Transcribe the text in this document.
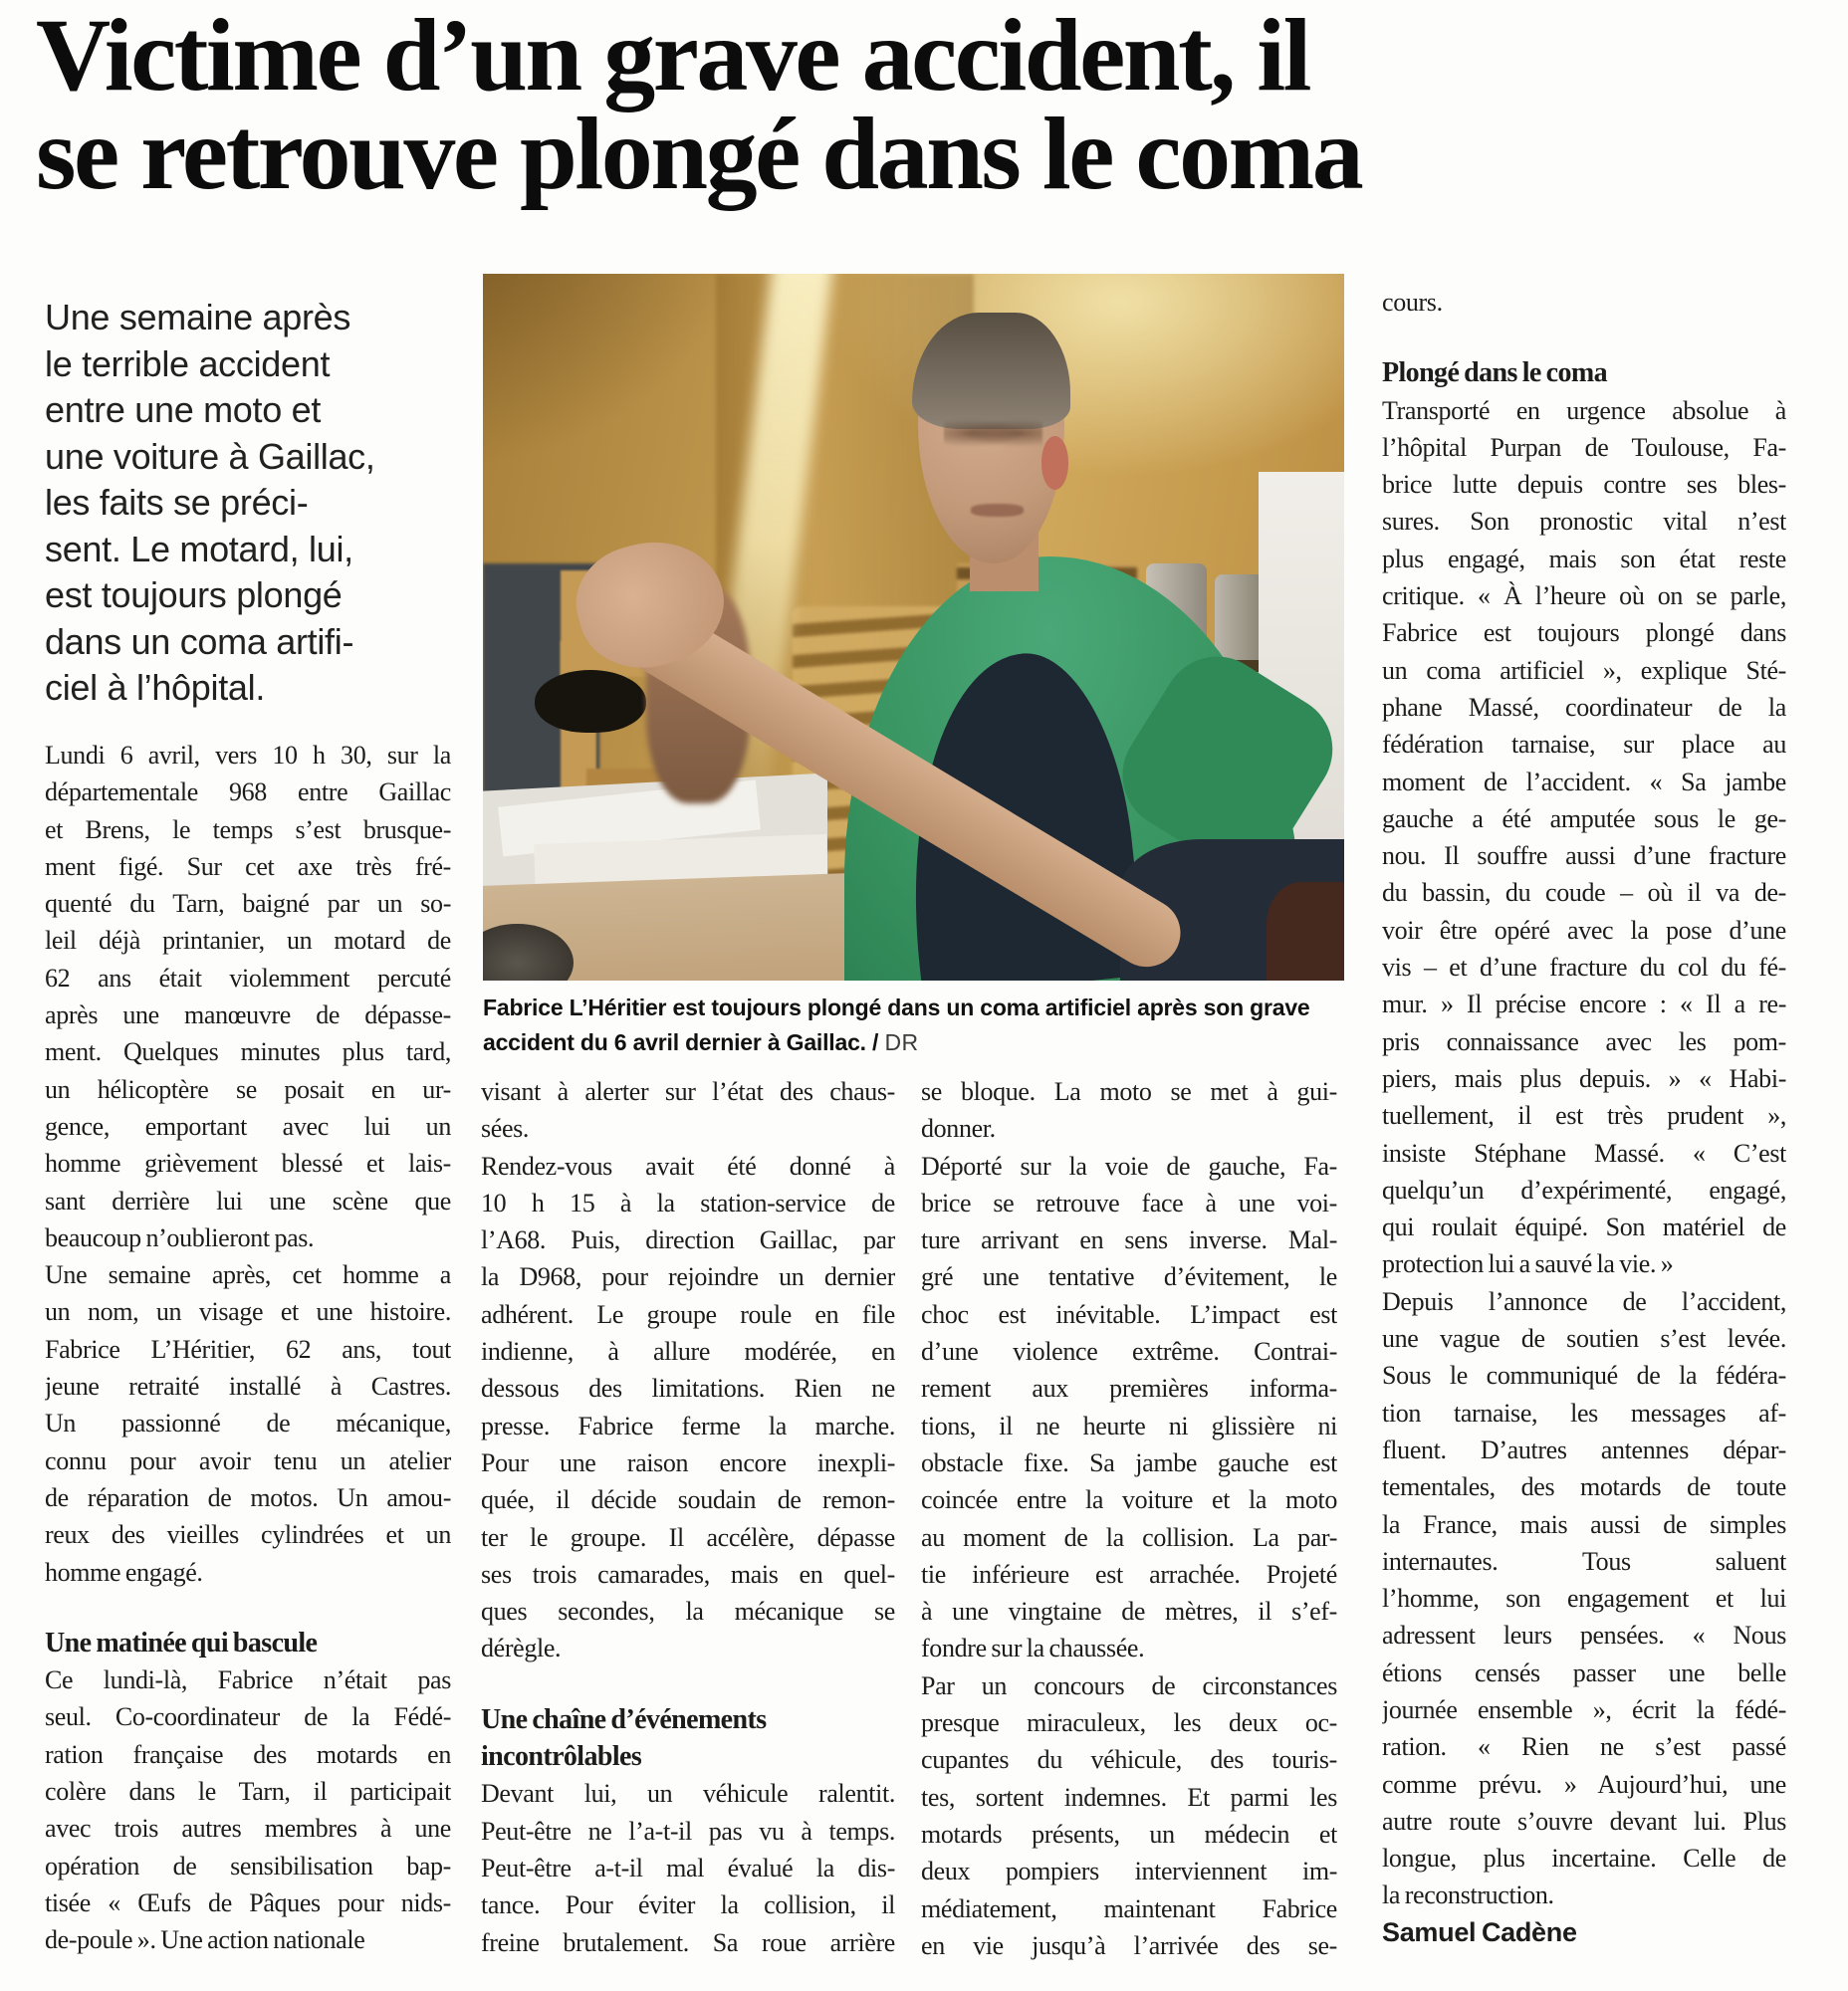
Victime d’un grave accident, il
se retrouve plongé dans le coma
Une semaine après
le terrible accident
entre une moto et
une voiture à Gaillac,
les faits se préci-
sent. Le motard, lui,
est toujours plongé
dans un coma artifi-
ciel à l’hôpital.
Fabrice L’Héritier est toujours plongé dans un coma artificiel après son grave accident du 6 avril dernier à Gaillac. / DR
Lundi 6 avril, vers 10 h 30, sur la
départementale 968 entre Gaillac
et Brens, le temps s’est brusque-
ment figé. Sur cet axe très fré-
quenté du Tarn, baigné par un so-
leil déjà printanier, un motard de
62 ans était violemment percuté
après une manœuvre de dépasse-
ment. Quelques minutes plus tard,
un hélicoptère se posait en ur-
gence, emportant avec lui un
homme grièvement blessé et lais-
sant derrière lui une scène que
beaucoup n’oublieront pas.
Une semaine après, cet homme a
un nom, un visage et une histoire.
Fabrice L’Héritier, 62 ans, tout
jeune retraité installé à Castres.
Un passionné de mécanique,
connu pour avoir tenu un atelier
de réparation de motos. Un amou-
reux des vieilles cylindrées et un
homme engagé.
Une matinée qui bascule
Ce lundi-là, Fabrice n’était pas
seul. Co-coordinateur de la Fédé-
ration française des motards en
colère dans le Tarn, il participait
avec trois autres membres à une
opération de sensibilisation bap-
tisée « Œufs de Pâques pour nids-
de-poule ». Une action nationale
visant à alerter sur l’état des chaus-
sées.
Rendez-vous avait été donné à
10 h 15 à la station-service de
l’A68. Puis, direction Gaillac, par
la D968, pour rejoindre un dernier
adhérent. Le groupe roule en file
indienne, à allure modérée, en
dessous des limitations. Rien ne
presse. Fabrice ferme la marche.
Pour une raison encore inexpli-
quée, il décide soudain de remon-
ter le groupe. Il accélère, dépasse
ses trois camarades, mais en quel-
ques secondes, la mécanique se
dérègle.
Une chaîne d’événements
incontrôlables
Devant lui, un véhicule ralentit.
Peut-être ne l’a-t-il pas vu à temps.
Peut-être a-t-il mal évalué la dis-
tance. Pour éviter la collision, il
freine brutalement. Sa roue arrière
se bloque. La moto se met à gui-
donner.
Déporté sur la voie de gauche, Fa-
brice se retrouve face à une voi-
ture arrivant en sens inverse. Mal-
gré une tentative d’évitement, le
choc est inévitable. L’impact est
d’une violence extrême. Contrai-
rement aux premières informa-
tions, il ne heurte ni glissière ni
obstacle fixe. Sa jambe gauche est
coincée entre la voiture et la moto
au moment de la collision. La par-
tie inférieure est arrachée. Projeté
à une vingtaine de mètres, il s’ef-
fondre sur la chaussée.
Par un concours de circonstances
presque miraculeux, les deux oc-
cupantes du véhicule, des touris-
tes, sortent indemnes. Et parmi les
motards présents, un médecin et
deux pompiers interviennent im-
médiatement, maintenant Fabrice
en vie jusqu’à l’arrivée des se-
cours.
Plongé dans le coma
Transporté en urgence absolue à
l’hôpital Purpan de Toulouse, Fa-
brice lutte depuis contre ses bles-
sures. Son pronostic vital n’est
plus engagé, mais son état reste
critique. « À l’heure où on se parle,
Fabrice est toujours plongé dans
un coma artificiel », explique Sté-
phane Massé, coordinateur de la
fédération tarnaise, sur place au
moment de l’accident. « Sa jambe
gauche a été amputée sous le ge-
nou. Il souffre aussi d’une fracture
du bassin, du coude – où il va de-
voir être opéré avec la pose d’une
vis – et d’une fracture du col du fé-
mur. » Il précise encore : « Il a re-
pris connaissance avec les pom-
piers, mais plus depuis. » « Habi-
tuellement, il est très prudent »,
insiste Stéphane Massé. « C’est
quelqu’un d’expérimenté, engagé,
qui roulait équipé. Son matériel de
protection lui a sauvé la vie. »
Depuis l’annonce de l’accident,
une vague de soutien s’est levée.
Sous le communiqué de la fédéra-
tion tarnaise, les messages af-
fluent. D’autres antennes dépar-
tementales, des motards de toute
la France, mais aussi de simples
internautes. Tous saluent
l’homme, son engagement et lui
adressent leurs pensées. « Nous
étions censés passer une belle
journée ensemble », écrit la fédé-
ration. « Rien ne s’est passé
comme prévu. » Aujourd’hui, une
autre route s’ouvre devant lui. Plus
longue, plus incertaine. Celle de
la reconstruction.
Samuel Cadène
